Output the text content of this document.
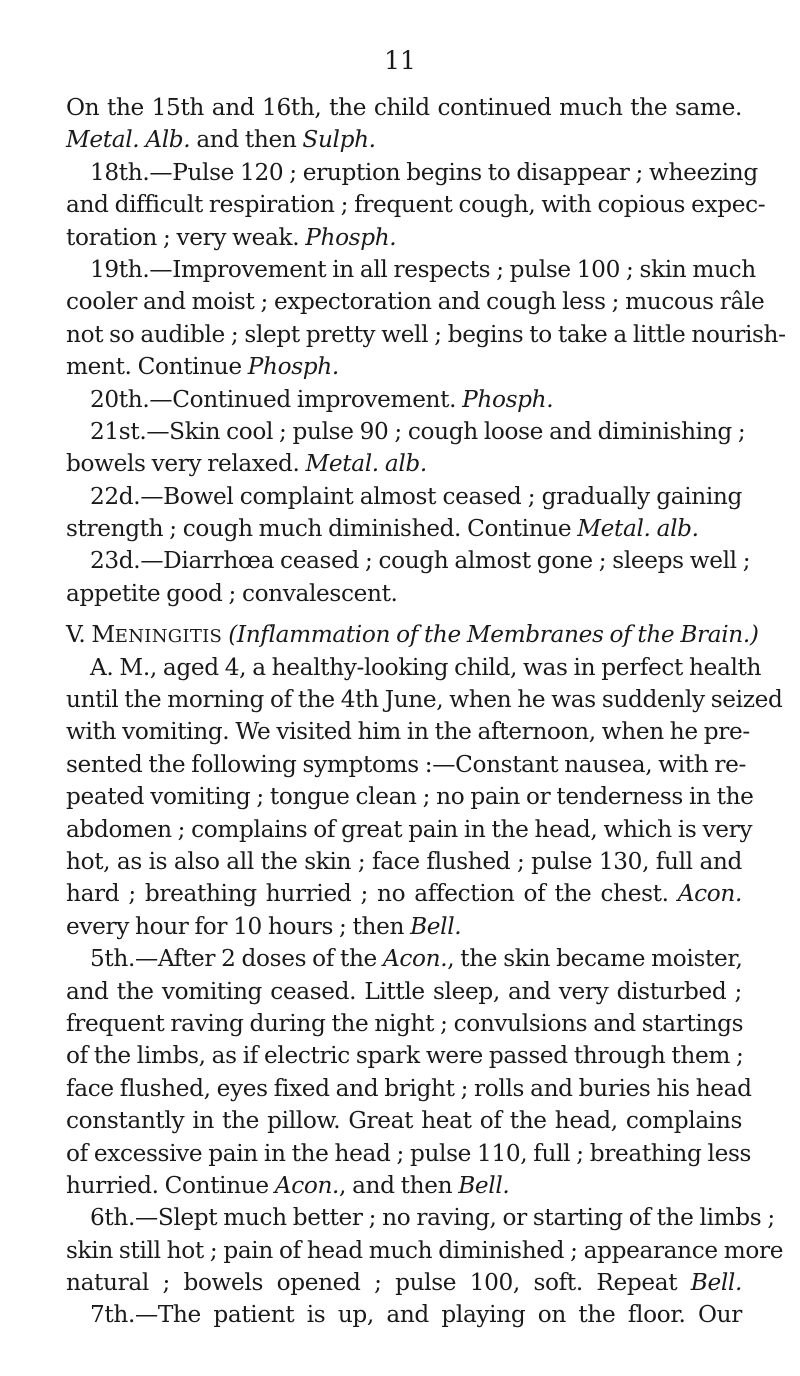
11
On the 15th and 16th, the child continued much the same.
Metal. Alb. and then Sulph.
18th.—Pulse 120 ; eruption begins to disappear ; wheezing
and difficult respiration ; frequent cough, with copious expec-
toration ; very weak. Phosph.
19th.—Improvement in all respects ; pulse 100 ; skin much
cooler and moist ; expectoration and cough less ; mucous râle
not so audible ; slept pretty well ; begins to take a little nourish-
ment. Continue Phosph.
20th.—Continued improvement. Phosph.
21st.—Skin cool ; pulse 90 ; cough loose and diminishing ;
bowels very relaxed. Metal. alb.
22d.—Bowel complaint almost ceased ; gradually gaining
strength ; cough much diminished. Continue Metal. alb.
23d.—Diarrhœa ceased ; cough almost gone ; sleeps well ;
appetite good ; convalescent.
V. MENINGITIS (Inflammation of the Membranes of the Brain.)
A. M., aged 4, a healthy-looking child, was in perfect health
until the morning of the 4th June, when he was suddenly seized
with vomiting. We visited him in the afternoon, when he pre-
sented the following symptoms :—Constant nausea, with re-
peated vomiting ; tongue clean ; no pain or tenderness in the
abdomen ; complains of great pain in the head, which is very
hot, as is also all the skin ; face flushed ; pulse 130, full and
hard ; breathing hurried ; no affection of the chest. Acon.
every hour for 10 hours ; then Bell.
5th.—After 2 doses of the Acon., the skin became moister,
and the vomiting ceased. Little sleep, and very disturbed ;
frequent raving during the night ; convulsions and startings
of the limbs, as if electric spark were passed through them ;
face flushed, eyes fixed and bright ; rolls and buries his head
constantly in the pillow. Great heat of the head, complains
of excessive pain in the head ; pulse 110, full ; breathing less
hurried. Continue Acon., and then Bell.
6th.—Slept much better ; no raving, or starting of the limbs ;
skin still hot ; pain of head much diminished ; appearance more
natural ; bowels opened ; pulse 100, soft. Repeat Bell.
7th.—The patient is up, and playing on the floor. Our
